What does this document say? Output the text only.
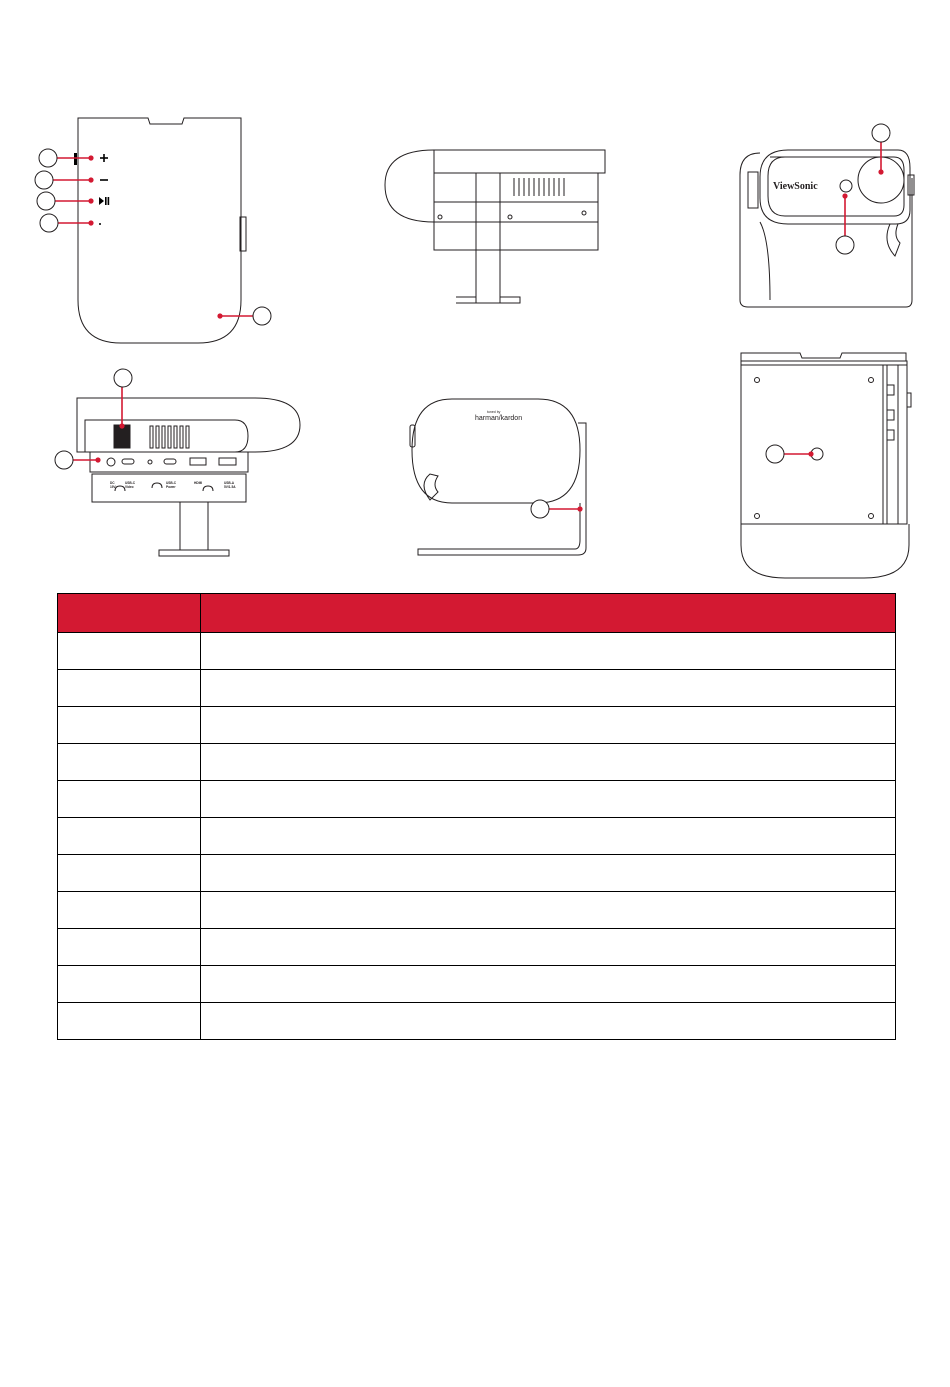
ViewSonic
DC
19V
USB-C
Video
USB-C
Power
HDMI	USB-A
5V/1.5A
tuned by
harman/kardon
